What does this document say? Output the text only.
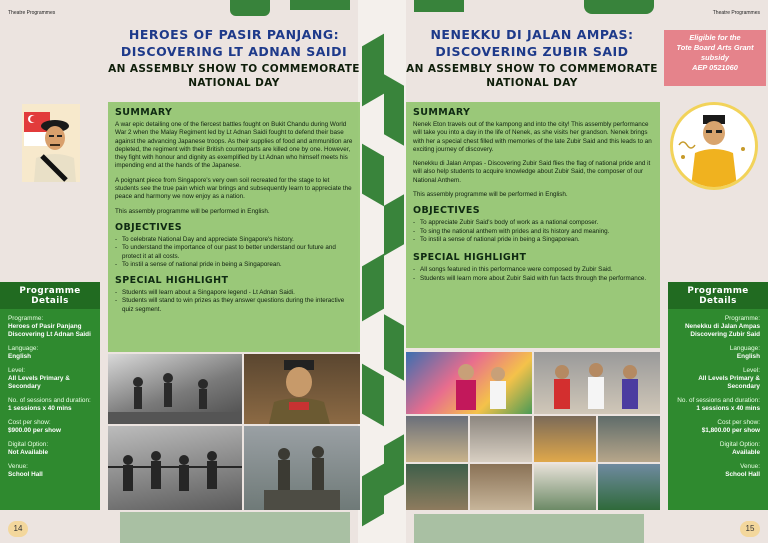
Theatre Programmes
HEROES OF PASIR PANJANG:
DISCOVERING LT ADNAN SAIDI
AN ASSEMBLY SHOW TO COMMEMORATE
NATIONAL DAY
SUMMARY

A war epic detailing one of the fiercest battles fought on Bukit Chandu during World War 2 when the Malay Regiment led by Lt Adnan Saidi fought to defend their base against the advancing Japanese troops. As their supplies of food and ammunition are depleted, the regiment with their British counterparts are killed one by one. However, they fight with honour and dignity as exemplified by Lt Adnan who himself meets his impending end at the hands of the Japanese.

A poignant piece from Singapore's very own soil recreated for the stage to let students see the true pain which war brings and subsequently learn to appreciate the peace and harmony we now enjoy as a nation.

This assembly programme will be performed in English.

OBJECTIVES
- To celebrate National Day and appreciate Singapore's history.
- To understand the importance of our past to better understand our future and protect it at all costs.
- To instil a sense of national pride in being a Singaporean.
SPECIAL HIGHLIGHT
- Students will learn about a Singapore legend - Lt Adnan Saidi.
- Students will stand to win prizes as they answer questions during the interactive quiz segment.
Programme Details
Programme:
Heroes of Pasir Panjang Discovering Lt Adnan Saidi
Language:
English
Level:
All Levels Primary & Secondary
No. of sessions and duration:
1 sessions x 40 mins
Cost per show:
$900.00 per show
Digital Option:
Not Available
Venue:
School Hall
14
Theatre Programmes
NENEKKU DI JALAN AMPAS:
DISCOVERING ZUBIR SAID
AN ASSEMBLY SHOW TO COMMEMORATE
NATIONAL DAY
Eligible for the
Tote Board Arts Grant
subsidy
AEP 0521060
SUMMARY

Nenek Eton travels out of the kampong and into the city! This assembly performance will take you into a day in the life of Nenek, as she visits her grandson. Nenek brings with her a special chest filled with memories of the late Zubir Said and this leads to an exciting journey of discovery.

Nenekku di Jalan Ampas - Discovering Zubir Said flies the flag of national pride and it will also help students to acquire knowledge about Zubir Said, the composer of our National Anthem.

This assembly programme will be performed in English.

OBJECTIVES
- To appreciate Zubir Said's body of work as a national composer.
- To sing the national anthem with prides and its history and meaning.
- To instil a sense of national pride in being a Singaporean.
SPECIAL HIGHLIGHT
- All songs featured in this performance were composed by Zubir Said.
- Students will learn more about Zubir Said with fun facts through the performance.
Programme Details
Programme:
Nenekku di Jalan Ampas Discovering Zubir Said
Language:
English
Level:
All Levels Primary & Secondary
No. of sessions and duration:
1 sessions x 40 mins
Cost per show:
$1,800.00 per show
Digital Option:
Available
Venue:
School Hall
15
